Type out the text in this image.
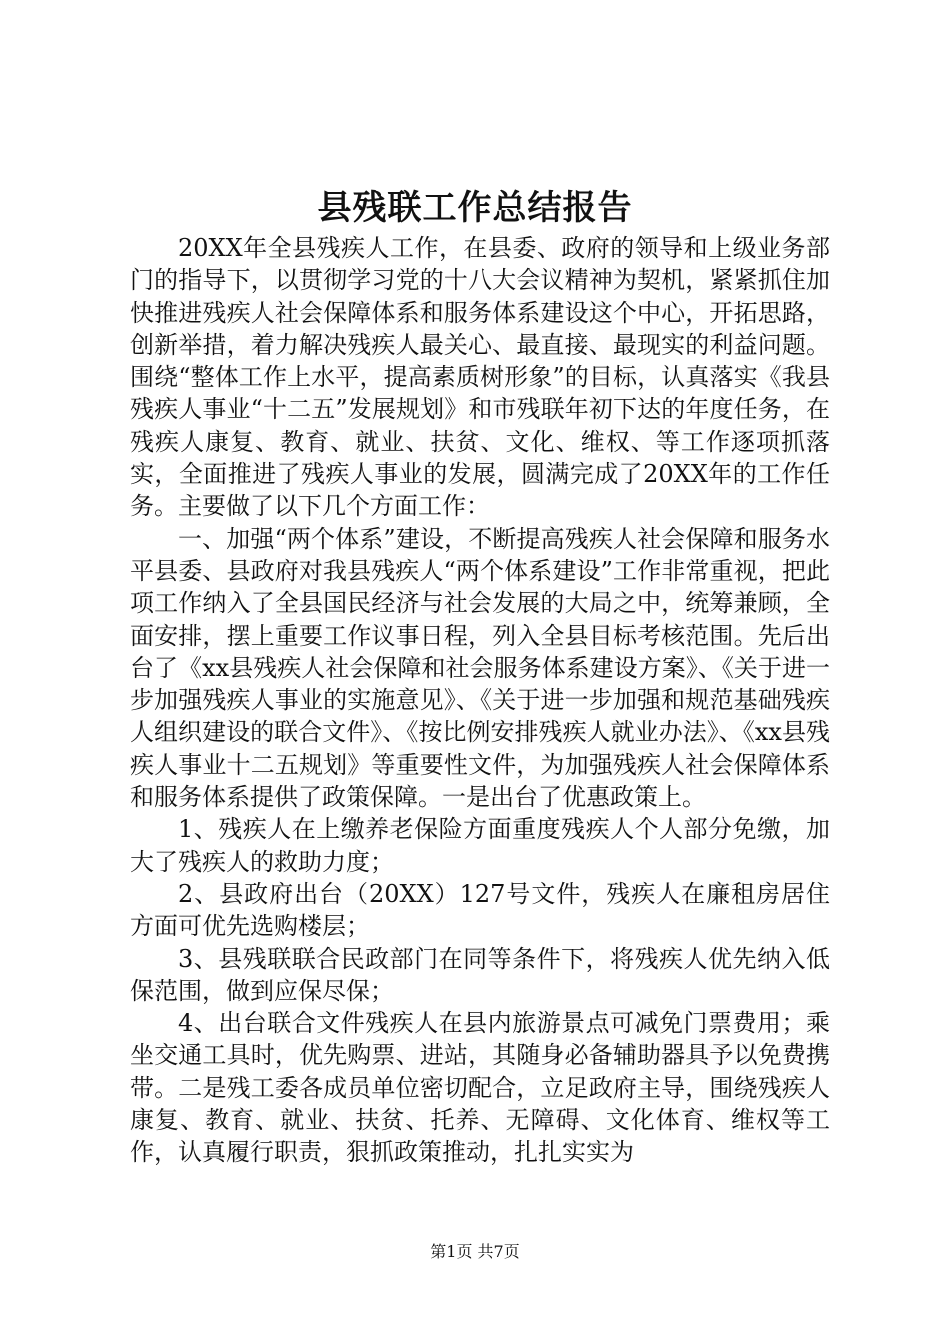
县残联工作总结报告

20XX年全县残疾人工作，在县委、政府的领导和上级业务部门的指导下，以贯彻学习党的十八大会议精神为契机，紧紧抓住加快推进残疾人社会保障体系和服务体系建设这个中心，开拓思路，创新举措，着力解决残疾人最关心、最直接、最现实的利益问题。围绕“整体工作上水平，提高素质树形象”的目标，认真落实《我县残疾人事业“十二五”发展规划》和市残联年初下达的年度任务，在残疾人康复、教育、就业、扶贫、文化、维权、等工作逐项抓落实，全面推进了残疾人事业的发展，圆满完成了20XX年的工作任务。主要做了以下几个方面工作：

一、加强“两个体系”建设，不断提高残疾人社会保障和服务水平县委、县政府对我县残疾人“两个体系建设”工作非常重视，把此项工作纳入了全县国民经济与社会发展的大局之中，统筹兼顾，全面安排，摆上重要工作议事日程，列入全县目标考核范围。先后出台了《xx县残疾人社会保障和社会服务体系建设方案》、《关于进一步加强残疾人事业的实施意见》、《关于进一步加强和规范基础残疾人组织建设的联合文件》、《按比例安排残疾人就业办法》、《xx县残疾人事业十二五规划》等重要性文件，为加强残疾人社会保障体系和服务体系提供了政策保障。一是出台了优惠政策上。

1、残疾人在上缴养老保险方面重度残疾人个人部分免缴，加大了残疾人的救助力度；

2、县政府出台（20XX）127号文件，残疾人在廉租房居住方面可优先选购楼层；

3、县残联联合民政部门在同等条件下，将残疾人优先纳入低保范围，做到应保尽保；

4、出台联合文件残疾人在县内旅游景点可减免门票费用；乘坐交通工具时，优先购票、进站，其随身必备辅助器具予以免费携带。二是残工委各成员单位密切配合，立足政府主导，围绕残疾人康复、教育、就业、扶贫、托养、无障碍、文化体育、维权等工作，认真履行职责，狠抓政策推动，扎扎实实为

第1页 共7页
